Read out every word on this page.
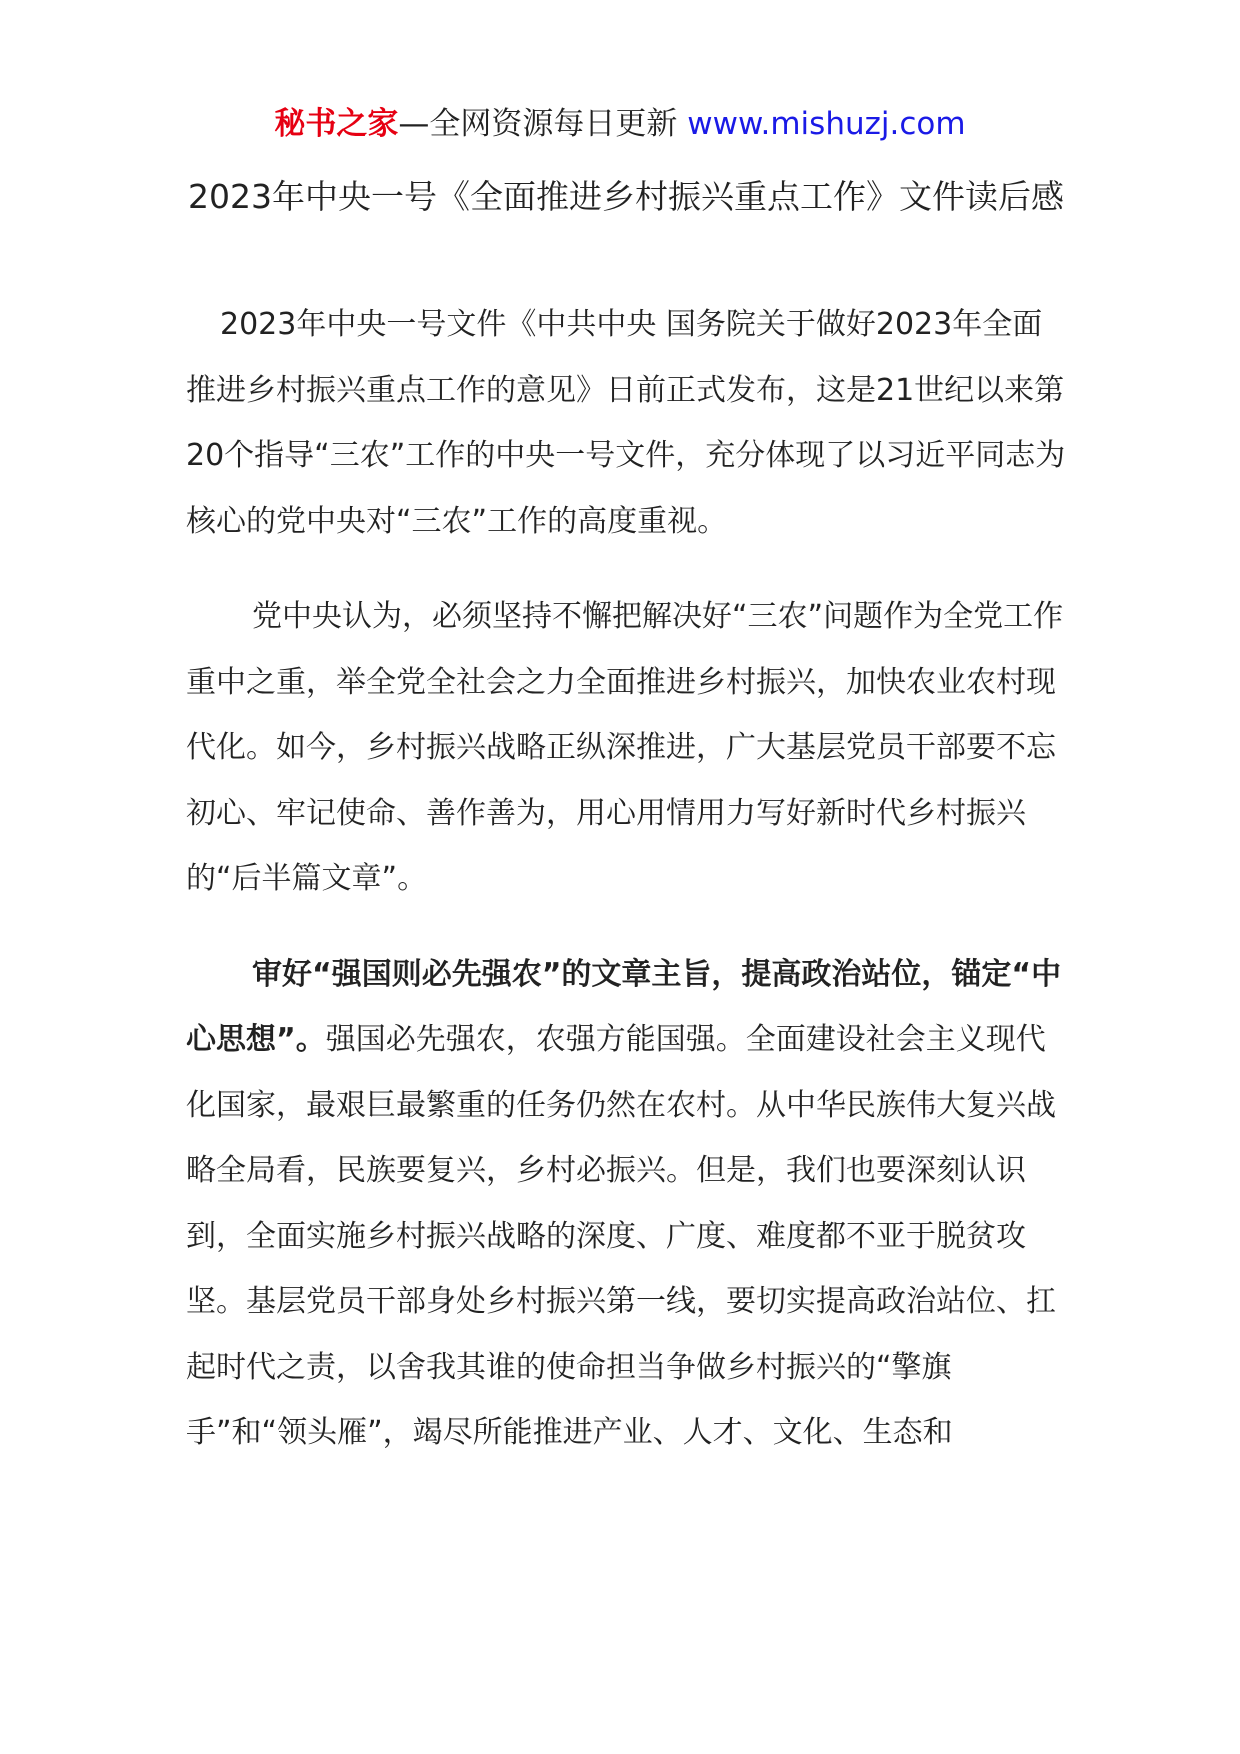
秘书之家—全网资源每日更新 www.mishuzj.com
2023年中央一号《全面推进乡村振兴重点工作》文件读后感

2023年中央一号文件《中共中央 国务院关于做好2023年全面推进乡村振兴重点工作的意见》日前正式发布，这是21世纪以来第20个指导“三农”工作的中央一号文件，充分体现了以习近平同志为核心的党中央对“三农”工作的高度重视。

党中央认为，必须坚持不懈把解决好“三农”问题作为全党工作重中之重，举全党全社会之力全面推进乡村振兴，加快农业农村现代化。如今，乡村振兴战略正纵深推进，广大基层党员干部要不忘初心、牢记使命、善作善为，用心用情用力写好新时代乡村振兴的“后半篇文章”。

审好“强国则必先强农”的文章主旨，提高政治站位，锚定“中心思想”。强国必先强农，农强方能国强。全面建设社会主义现代化国家，最艰巨最繁重的任务仍然在农村。从中华民族伟大复兴战略全局看，民族要复兴，乡村必振兴。但是，我们也要深刻认识到，全面实施乡村振兴战略的深度、广度、难度都不亚于脱贫攻坚。基层党员干部身处乡村振兴第一线，要切实提高政治站位、扛起时代之责，以舍我其谁的使命担当争做乡村振兴的“擎旗手”和“领头雁”，竭尽所能推进产业、人才、文化、生态和
